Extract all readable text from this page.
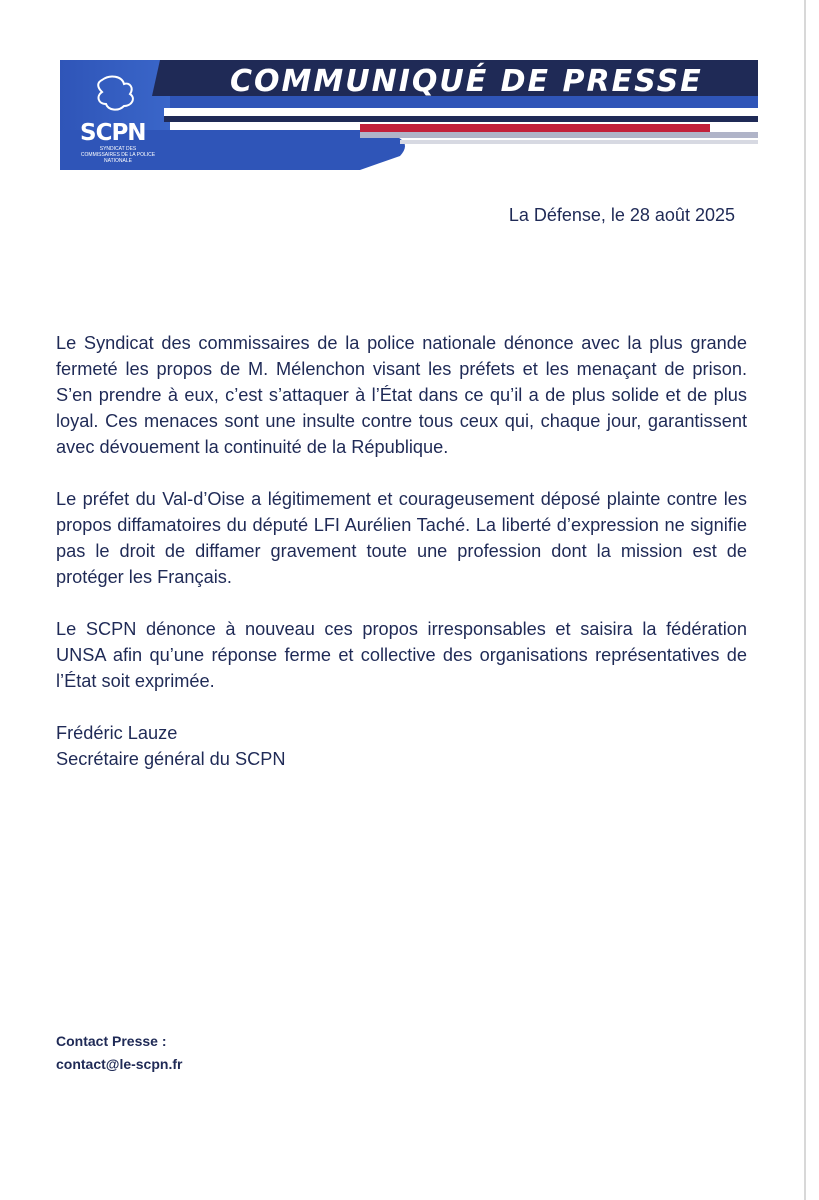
COMMUNIQUÉ DE PRESSE
SCPN
SYNDICAT DES COMMISSAIRES DE LA POLICE NATIONALE
La Défense, le 28 août 2025

Le Syndicat des commissaires de la police nationale dénonce avec la plus grande fermeté les propos de M. Mélenchon visant les préfets et les menaçant de prison. S’en prendre à eux, c’est s’attaquer à l’État dans ce qu’il a de plus solide et de plus loyal. Ces menaces sont une insulte contre tous ceux qui, chaque jour, garantissent avec dévouement la continuité de la République.

Le préfet du Val-d’Oise a légitimement et courageusement déposé plainte contre les propos diffamatoires du député LFI Aurélien Taché. La liberté d’expression ne signifie pas le droit de diffamer gravement toute une profession dont la mission est de protéger les Français.

Le SCPN dénonce à nouveau ces propos irresponsables et saisira la fédération UNSA afin qu’une réponse ferme et collective des organisations représentatives de l’État soit exprimée.

Frédéric Lauze

Secrétaire général du SCPN

Contact Presse :
contact@le-scpn.fr
